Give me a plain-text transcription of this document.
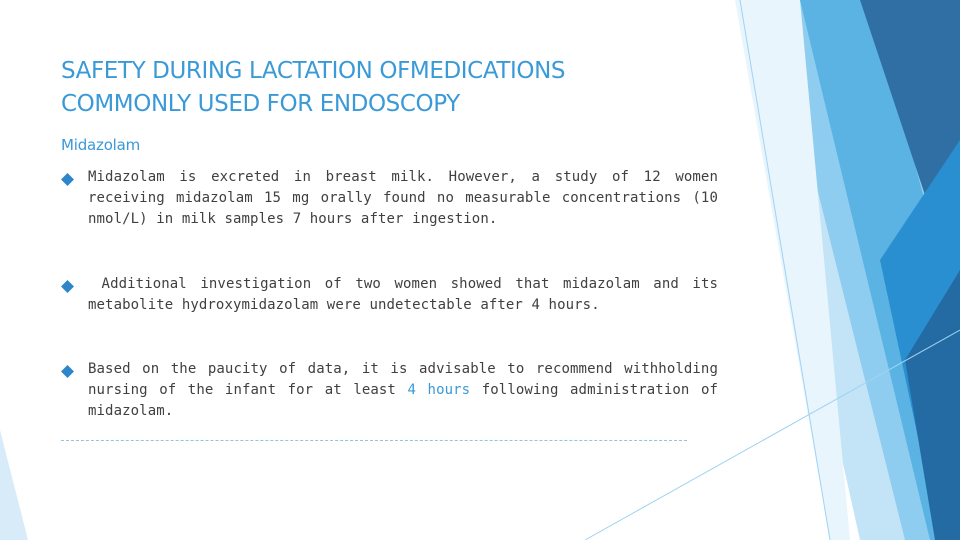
SAFETY DURING LACTATION OFMEDICATIONS COMMONLY USED FOR ENDOSCOPY
Midazolam
Midazolam is excreted in breast milk. However, a study of 12 women receiving midazolam 15 mg orally found no measurable concentrations (10 nmol/L) in milk samples 7 hours after ingestion.
Additional investigation of two women showed that midazolam and its metabolite hydroxymidazolam were undetectable after 4 hours.
Based on the paucity of data, it is advisable to recommend withholding nursing of the infant for at least 4 hours following administration of midazolam.
